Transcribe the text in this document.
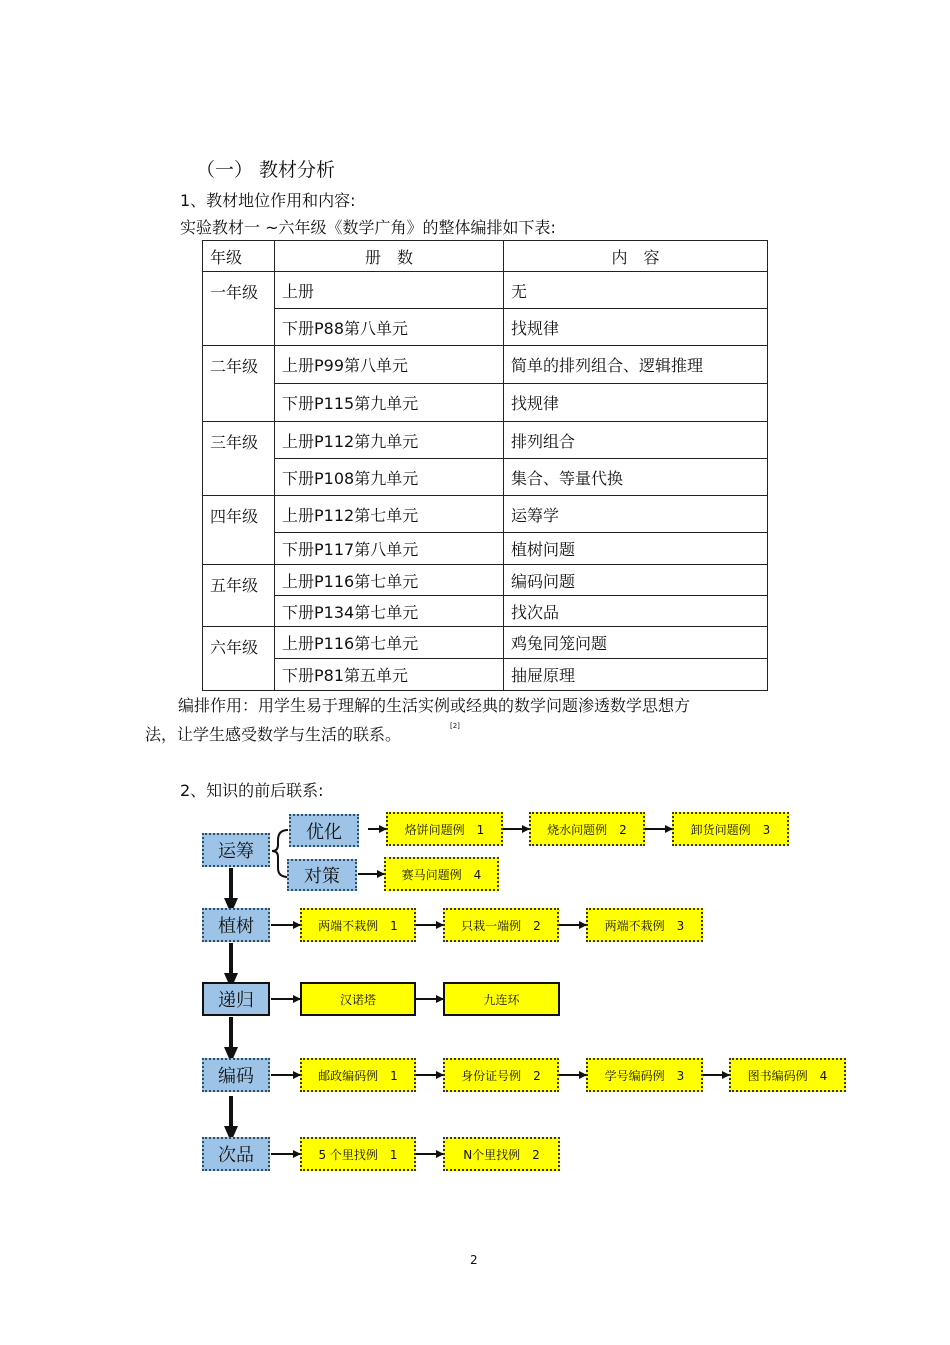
（一） 教材分析
1、教材地位作用和内容:
实验教材一 ~六年级《数学广角》的整体编排如下表:
年级	册　数	内　容
一年级	上册	无
	下册P88第八单元	找规律
二年级	上册P99第八单元	简单的排列组合、逻辑推理
	下册P115第九单元	找规律
三年级	上册P112第九单元	排列组合
	下册P108第九单元	集合、等量代换
四年级	上册P112第七单元	运筹学
	下册P117第八单元	植树问题
五年级	上册P116第七单元	编码问题
	下册P134第七单元	找次品
六年级	上册P116第七单元	鸡兔同笼问题
	下册P81第五单元	抽屉原理
编排作用：用学生易于理解的生活实例或经典的数学问题渗透数学思想方
法，让学生感受数学与生活的联系。	[2]
2、知识的前后联系:
运筹
优化
对策
烙饼问题例　1	烧水问题例　2	卸货问题例　3
赛马问题例　4
植树	两端不栽例　1	只栽一端例　2	两端不栽例　3
递归	汉诺塔	九连环
编码	邮政编码例　1	身份证号例　2	学号编码例　3	图书编码例　4
次品	5 个里找例　1	N个里找例　2
2
